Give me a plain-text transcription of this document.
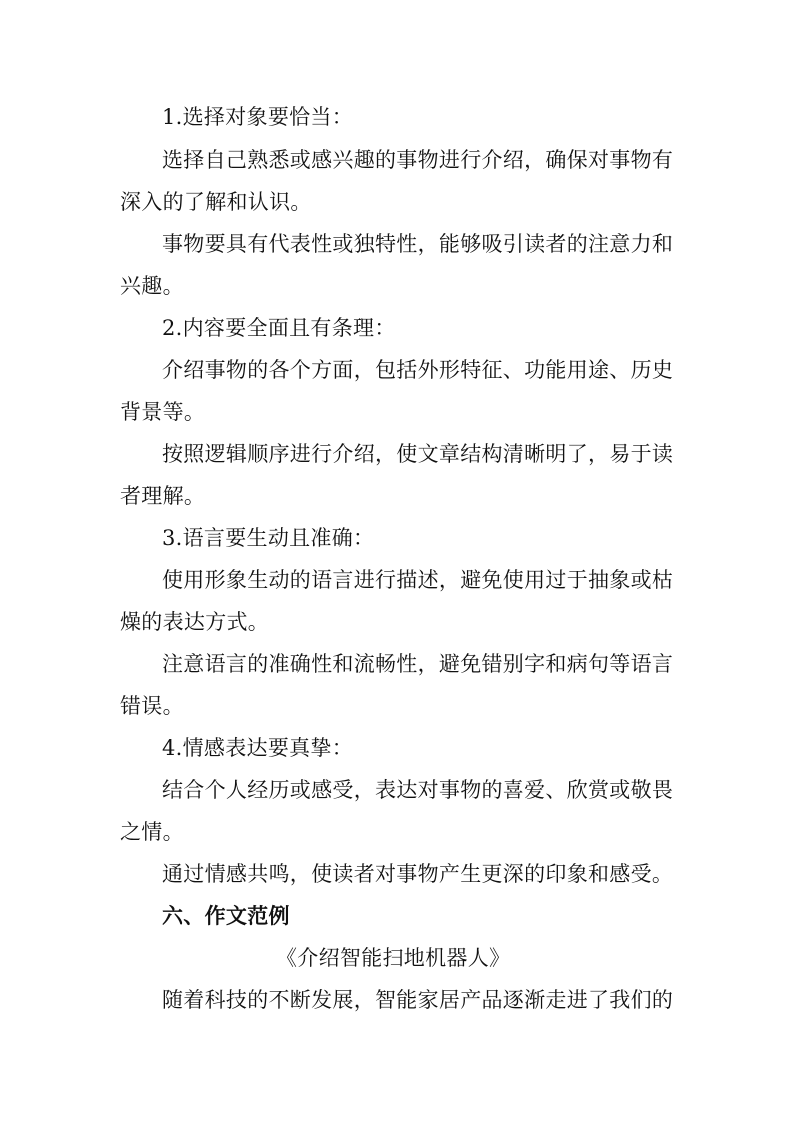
1.选择对象要恰当：
选择自己熟悉或感兴趣的事物进行介绍，确保对事物有
深入的了解和认识。
事物要具有代表性或独特性，能够吸引读者的注意力和
兴趣。
2.内容要全面且有条理：
介绍事物的各个方面，包括外形特征、功能用途、历史
背景等。
按照逻辑顺序进行介绍，使文章结构清晰明了，易于读
者理解。
3.语言要生动且准确：
使用形象生动的语言进行描述，避免使用过于抽象或枯
燥的表达方式。
注意语言的准确性和流畅性，避免错别字和病句等语言
错误。
4.情感表达要真挚：
结合个人经历或感受，表达对事物的喜爱、欣赏或敬畏
之情。
通过情感共鸣，使读者对事物产生更深的印象和感受。
六、作文范例
《介绍智能扫地机器人》
随着科技的不断发展，智能家居产品逐渐走进了我们的
